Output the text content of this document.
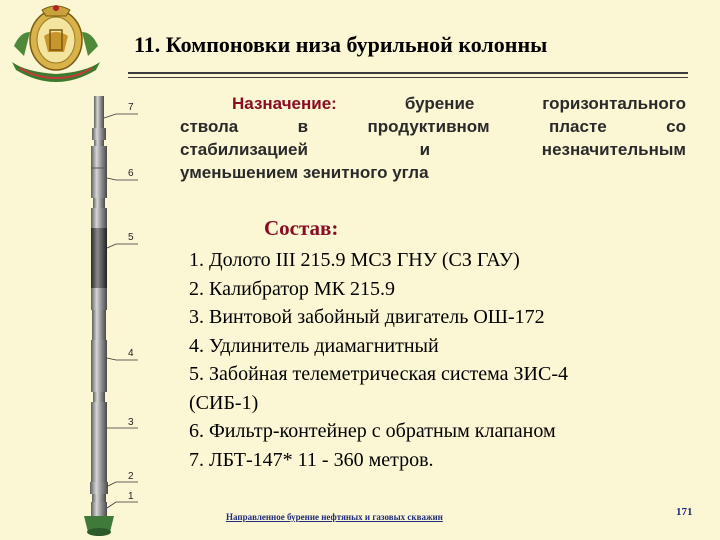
11. Компоновки низа бурильной колонны
7
6
5
4
3
2
1
Назначение: бурение горизонтального
ствола в продуктивном пласте со
стабилизацией и незначительным
уменьшением зенитного угла
Состав:
1. Долото III 215.9 МСЗ ГНУ (СЗ ГАУ)
2. Калибратор МК 215.9
3. Винтовой забойный двигатель ОШ-172
4. Удлинитель диамагнитный
5. Забойная телеметрическая система ЗИС-4
(СИБ-1)
6. Фильтр-контейнер с обратным клапаном
7. ЛБТ-147* 11 - 360 метров.
Направленное бурение нефтяных и газовых скважин	171
